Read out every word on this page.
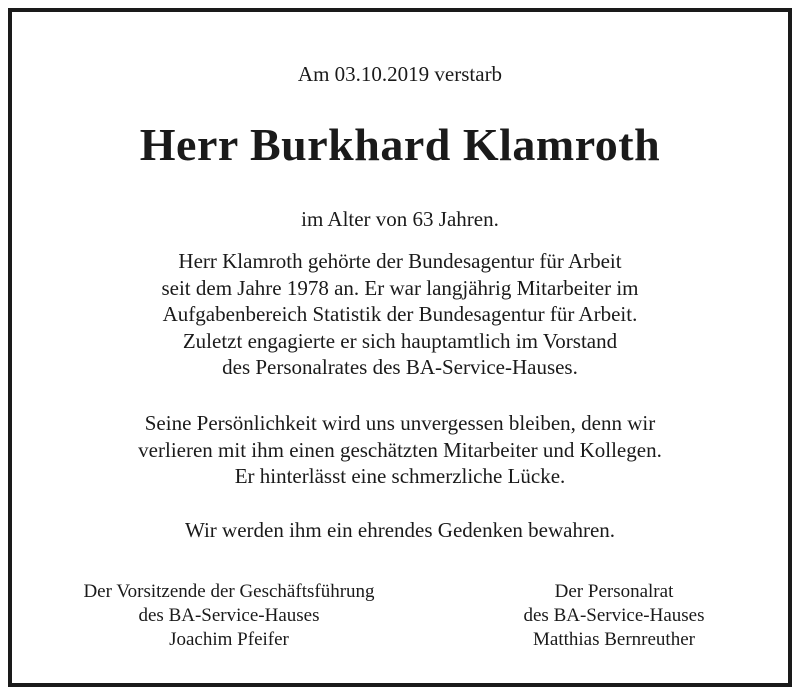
Am 03.10.2019 verstarb
Herr Burkhard Klamroth
im Alter von 63 Jahren.
Herr Klamroth gehörte der Bundesagentur für Arbeit
seit dem Jahre 1978 an. Er war langjährig Mitarbeiter im
Aufgabenbereich Statistik der Bundesagentur für Arbeit.
Zuletzt engagierte er sich hauptamtlich im Vorstand
des Personalrates des BA-Service-Hauses.
Seine Persönlichkeit wird uns unvergessen bleiben, denn wir
verlieren mit ihm einen geschätzten Mitarbeiter und Kollegen.
Er hinterlässt eine schmerzliche Lücke.
Wir werden ihm ein ehrendes Gedenken bewahren.
Der Vorsitzende der Geschäftsführung
des BA-Service-Hauses
Joachim Pfeifer
Der Personalrat
des BA-Service-Hauses
Matthias Bernreuther
